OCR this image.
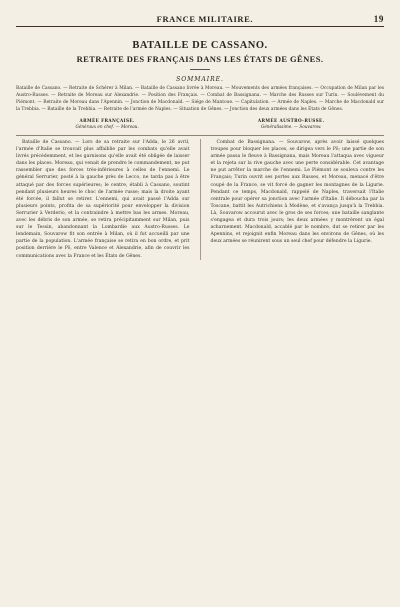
FRANCE MILITAIRE.	19
BATAILLE DE CASSANO.
RETRAITE DES FRANÇAIS DANS LES ÉTATS DE GÊNES.
SOMMAIRE.
Bataille de Cassano. — Retraite de Schérer à Milan. — Bataille de Cassano livrée à Moreau. — Mouvements des armées françaises. — Occupation de Milan par les Austro-Russes. — Retraite de Moreau sur Alexandrie. — Position des Français. — Combat de Bassignana. — Marche des Russes sur Turin. — Soulèvement du Piémont. — Retraite de Moreau dans l'Apennin. — Jonction de Macdonald. — Siége de Mantoue. — Capitulation. — Armée de Naples. — Marche de Macdonald sur la Trebbia. — Bataille de la Trebbia. — Retraite de l'armée de Naples. — Situation de Gênes. — Jonction des deux armées dans les États de Gênes.
ARMÉE FRANÇAISE.
Généraux en chef. — Moreau.
ARMÉE AUSTRO-RUSSE.
Généralissime. — Souvarow.

Bataille de Cassano. — Lors de sa retraite sur l'Adda, le 26 avril, l'armée d'Italie se trouvait plus affaiblie par les combats qu'elle avait livrés précédemment, et les garnisons qu'elle avait été obligée de laisser dans les places. Moreau, qui venait de prendre le commandement, ne put rassembler que des forces très-inférieures à celles de l'ennemi. Le général Serrurier, posté à la gauche près de Lecco, ne tarda pas à être attaqué par des forces supérieures; le centre, établi à Cassano, soutint pendant plusieurs heures le choc de l'armée russe; mais la droite ayant été forcée, il fallut se retirer. L'ennemi, qui avait passé l'Adda sur plusieurs points, profita de sa supériorité pour envelopper la division Serrurier à Verderio, et la contraindre à mettre bas les armes. Moreau, avec les débris de son armée, se retira précipitamment sur Milan, puis sur le Tessin, abandonnant la Lombardie aux Austro-Russes. Le lendemain, Souvarow fit son entrée à Milan, où il fut accueilli par une partie de la population. L'armée française se retira en bon ordre, et prit position derrière le Pô, entre Valence et Alexandrie, afin de couvrir les communications avec la France et les États de Gênes.

Combat de Bassignana. — Souvarow, après avoir laissé quelques troupes pour bloquer les places, se dirigea vers le Pô; une partie de son armée passa le fleuve à Bassignana, mais Moreau l'attaqua avec vigueur et la rejeta sur la rive gauche avec une perte considérable. Cet avantage ne put arrêter la marche de l'ennemi. Le Piémont se souleva contre les Français; Turin ouvrit ses portes aux Russes, et Moreau, menacé d'être coupé de la France, se vit forcé de gagner les montagnes de la Ligurie. Pendant ce temps, Macdonald, rappelé de Naples, traversait l'Italie centrale pour opérer sa jonction avec l'armée d'Italie. Il déboucha par la Toscane, battit les Autrichiens à Modène, et s'avança jusqu'à la Trebbia. Là, Souvarow accourut avec le gros de ses forces; une bataille sanglante s'engagea et dura trois jours; les deux armées y montrèrent un égal acharnement. Macdonald, accablé par le nombre, dut se retirer par les Apennins, et rejoignit enfin Moreau dans les environs de Gênes, où les deux armées se réunirent sous un seul chef pour défendre la Ligurie.
